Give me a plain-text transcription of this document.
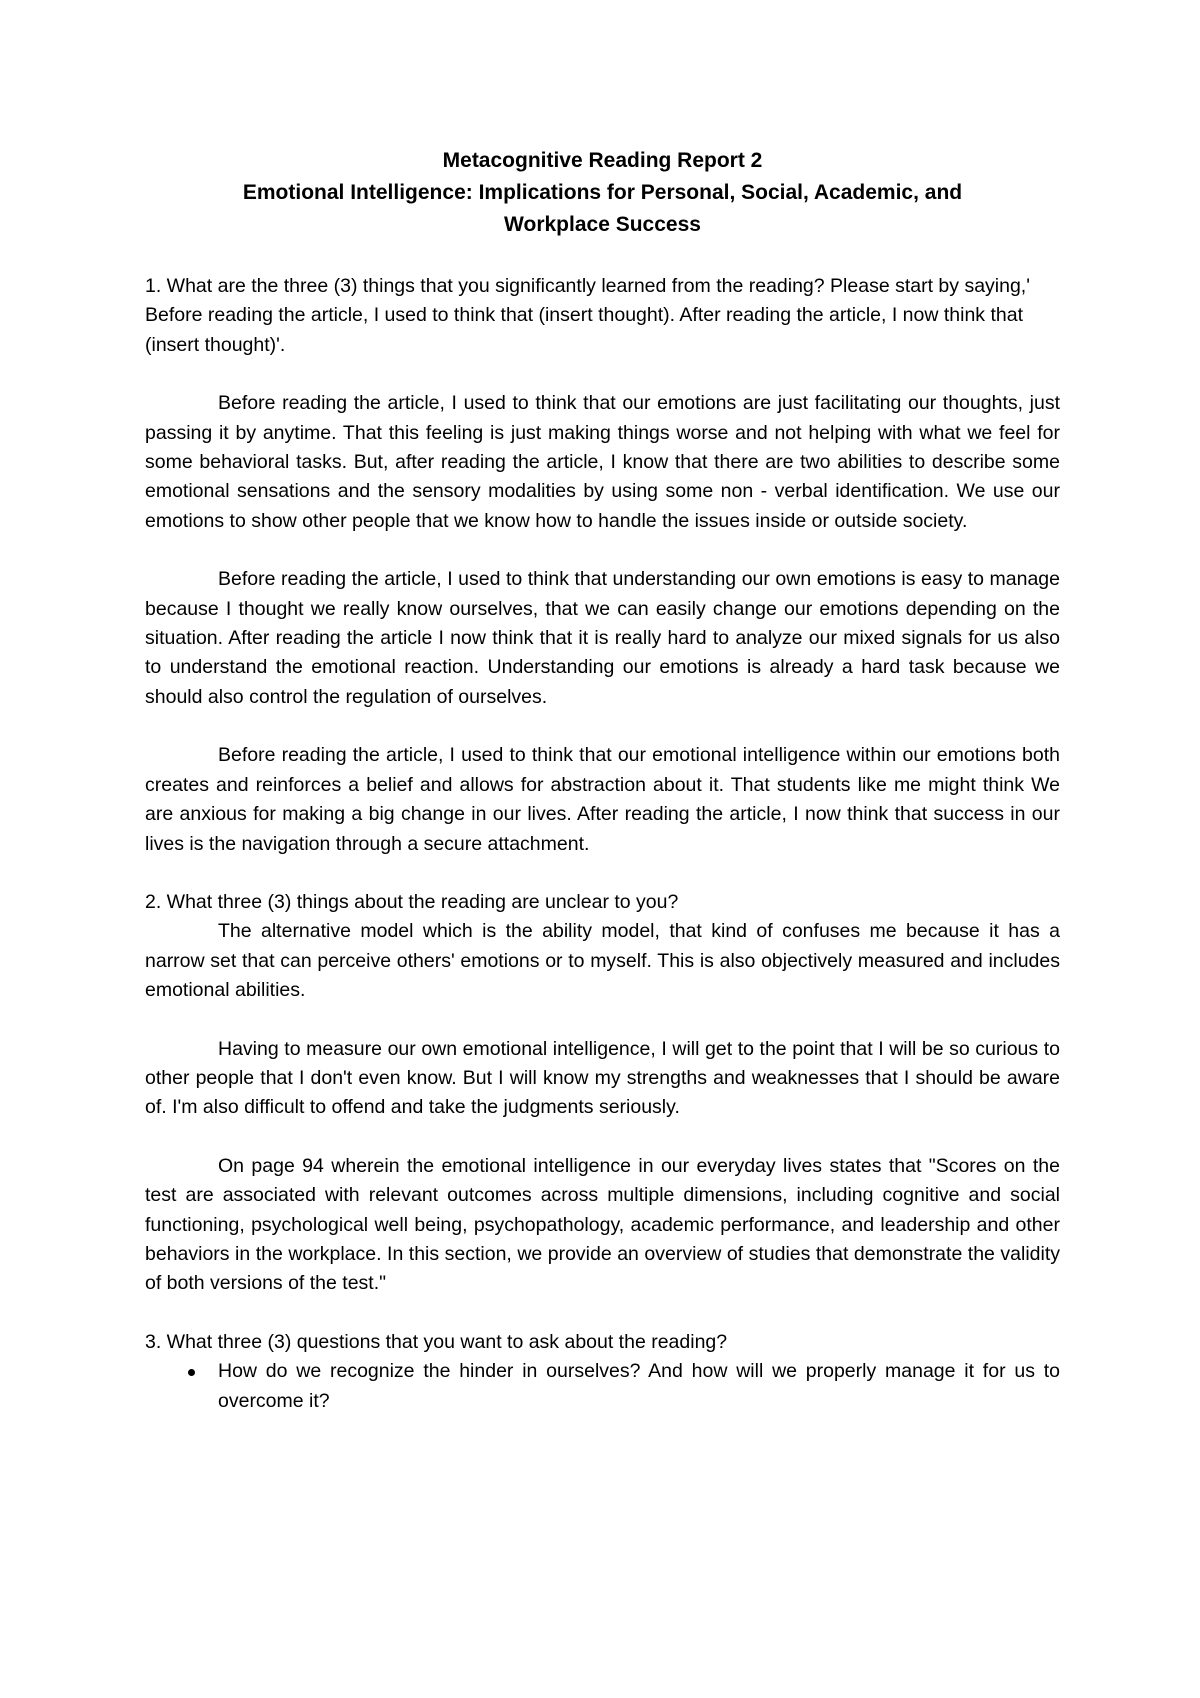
Metacognitive Reading Report 2
Emotional Intelligence: Implications for Personal, Social, Academic, and
Workplace Success

1. What are the three (3) things that you significantly learned from the reading? Please start by saying,' Before reading the article, I used to think that (insert thought). After reading the article, I now think that (insert thought)'.

Before reading the article, I used to think that our emotions are just facilitating our thoughts, just passing it by anytime. That this feeling is just making things worse and not helping with what we feel for some behavioral tasks. But, after reading the article, I know that there are two abilities to describe some emotional sensations and the sensory modalities by using some non - verbal identification. We use our emotions to show other people that we know how to handle the issues inside or outside society.

Before reading the article, I used to think that understanding our own emotions is easy to manage because I thought we really know ourselves, that we can easily change our emotions depending on the situation. After reading the article I now think that it is really hard to analyze our mixed signals for us also to understand the emotional reaction. Understanding our emotions is already a hard task because we should also control the regulation of ourselves.

Before reading the article, I used to think that our emotional intelligence within our emotions both creates and reinforces a belief and allows for abstraction about it. That students like me might think We are anxious for making a big change in our lives. After reading the article, I now think that success in our lives is the navigation through a secure attachment.

2. What three (3) things about the reading are unclear to you?

The alternative model which is the ability model, that kind of confuses me because it has a narrow set that can perceive others' emotions or to myself. This is also objectively measured and includes emotional abilities.

Having to measure our own emotional intelligence, I will get to the point that I will be so curious to other people that I don't even know. But I will know my strengths and weaknesses that I should be aware of. I'm also difficult to offend and take the judgments seriously.

On page 94 wherein the emotional intelligence in our everyday lives states that "Scores on the test are associated with relevant outcomes across multiple dimensions, including cognitive and social functioning, psychological well being, psychopathology, academic performance, and leadership and other behaviors in the workplace. In this section, we provide an overview of studies that demonstrate the validity of both versions of the test."

3. What three (3) questions that you want to ask about the reading?

How do we recognize the hinder in ourselves? And how will we properly manage it for us to overcome it?
